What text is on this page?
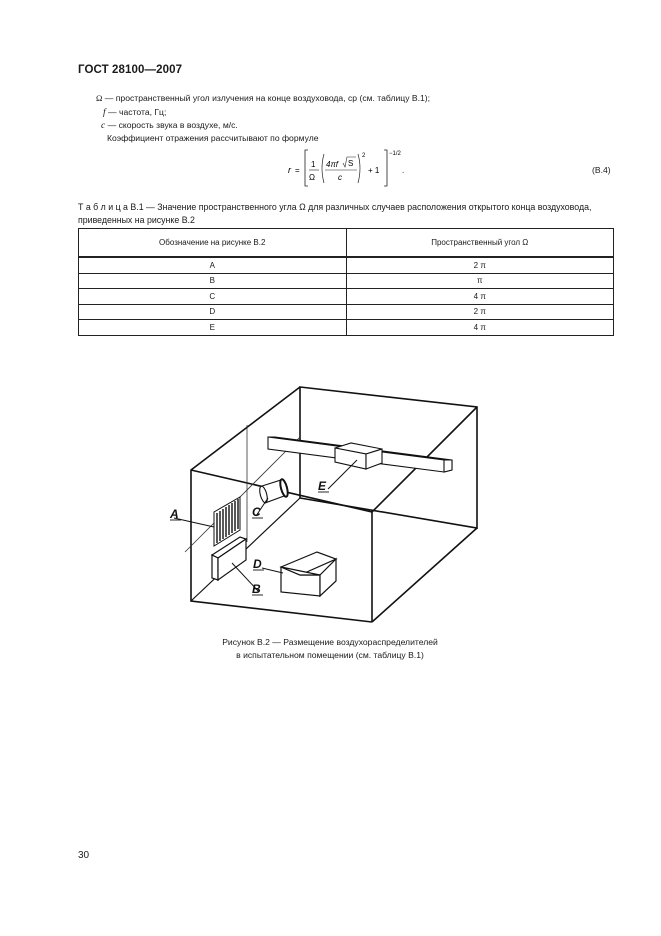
ГОСТ 28100—2007
Ω — пространственный угол излучения на конце воздуховода, ср (см. таблицу В.1);
f — частота, Гц;
c — скорость звука в воздухе, м/с.
Коэффициент отражения рассчитывают по формуле
r =
1
Ω
4πf S
c
2
+ 1
−1/2
.	(В.4)
Т а б л и ц а В.1 — Значение пространственного угла Ω для различных случаев расположения открытого конца воздуховода, приведенных на рисунке В.2
Обозначение на рисунке В.2	Пространственный угол Ω
A	2 π
B	π
C	4 π
D	2 π
E	4 π
A	C
B
D
E
Рисунок В.2 — Размещение воздухораспределителей
в испытательном помещении (см. таблицу В.1)
30
